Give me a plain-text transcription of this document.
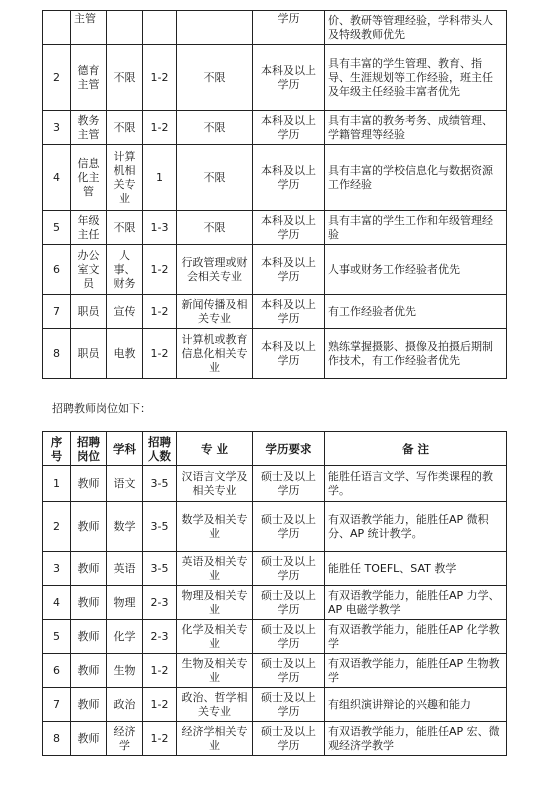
	主管				学历	价、教研等管理经验，学科带头人及特级教师优先
2	德育主管	不限	1-2	不限	本科及以上学历	具有丰富的学生管理、教育、指导、生涯规划等工作经验，班主任及年级主任经验丰富者优先
3	教务主管	不限	1-2	不限	本科及以上学历	具有丰富的教务考务、成绩管理、学籍管理等经验
4	信息化主管	计算机相关专业	1	不限	本科及以上学历	具有丰富的学校信息化与数据资源工作经验
5	年级主任	不限	1-3	不限	本科及以上学历	具有丰富的学生工作和年级管理经验
6	办公室文员	人事、财务	1-2	行政管理或财会相关专业	本科及以上学历	人事或财务工作经验者优先
7	职员	宣传	1-2	新闻传播及相关专业	本科及以上学历	有工作经验者优先
8	职员	电教	1-2	计算机或教育信息化相关专业	本科及以上学历	熟练掌握摄影、摄像及拍摄后期制作技术，有工作经验者优先
招聘教师岗位如下：
序号	招聘岗位	学科	招聘人数	专 业	学历要求	备 注
1	教师	语文	3-5	汉语言文学及相关专业	硕士及以上学历	能胜任语言文学、写作类课程的教学。
2	教师	数学	3-5	数学及相关专业	硕士及以上学历	有双语教学能力，能胜任AP 微积分、AP 统计教学。
3	教师	英语	3-5	英语及相关专业	硕士及以上学历	能胜任 TOEFL、SAT 教学
4	教师	物理	2-3	物理及相关专业	硕士及以上学历	有双语教学能力，能胜任AP 力学、AP 电磁学教学
5	教师	化学	2-3	化学及相关专业	硕士及以上学历	有双语教学能力，能胜任AP 化学教学
6	教师	生物	1-2	生物及相关专业	硕士及以上学历	有双语教学能力，能胜任AP 生物教学
7	教师	政治	1-2	政治、哲学相关专业	硕士及以上学历	有组织演讲辩论的兴趣和能力
8	教师	经济学	1-2	经济学相关专业	硕士及以上学历	有双语教学能力，能胜任AP 宏、微观经济学教学
